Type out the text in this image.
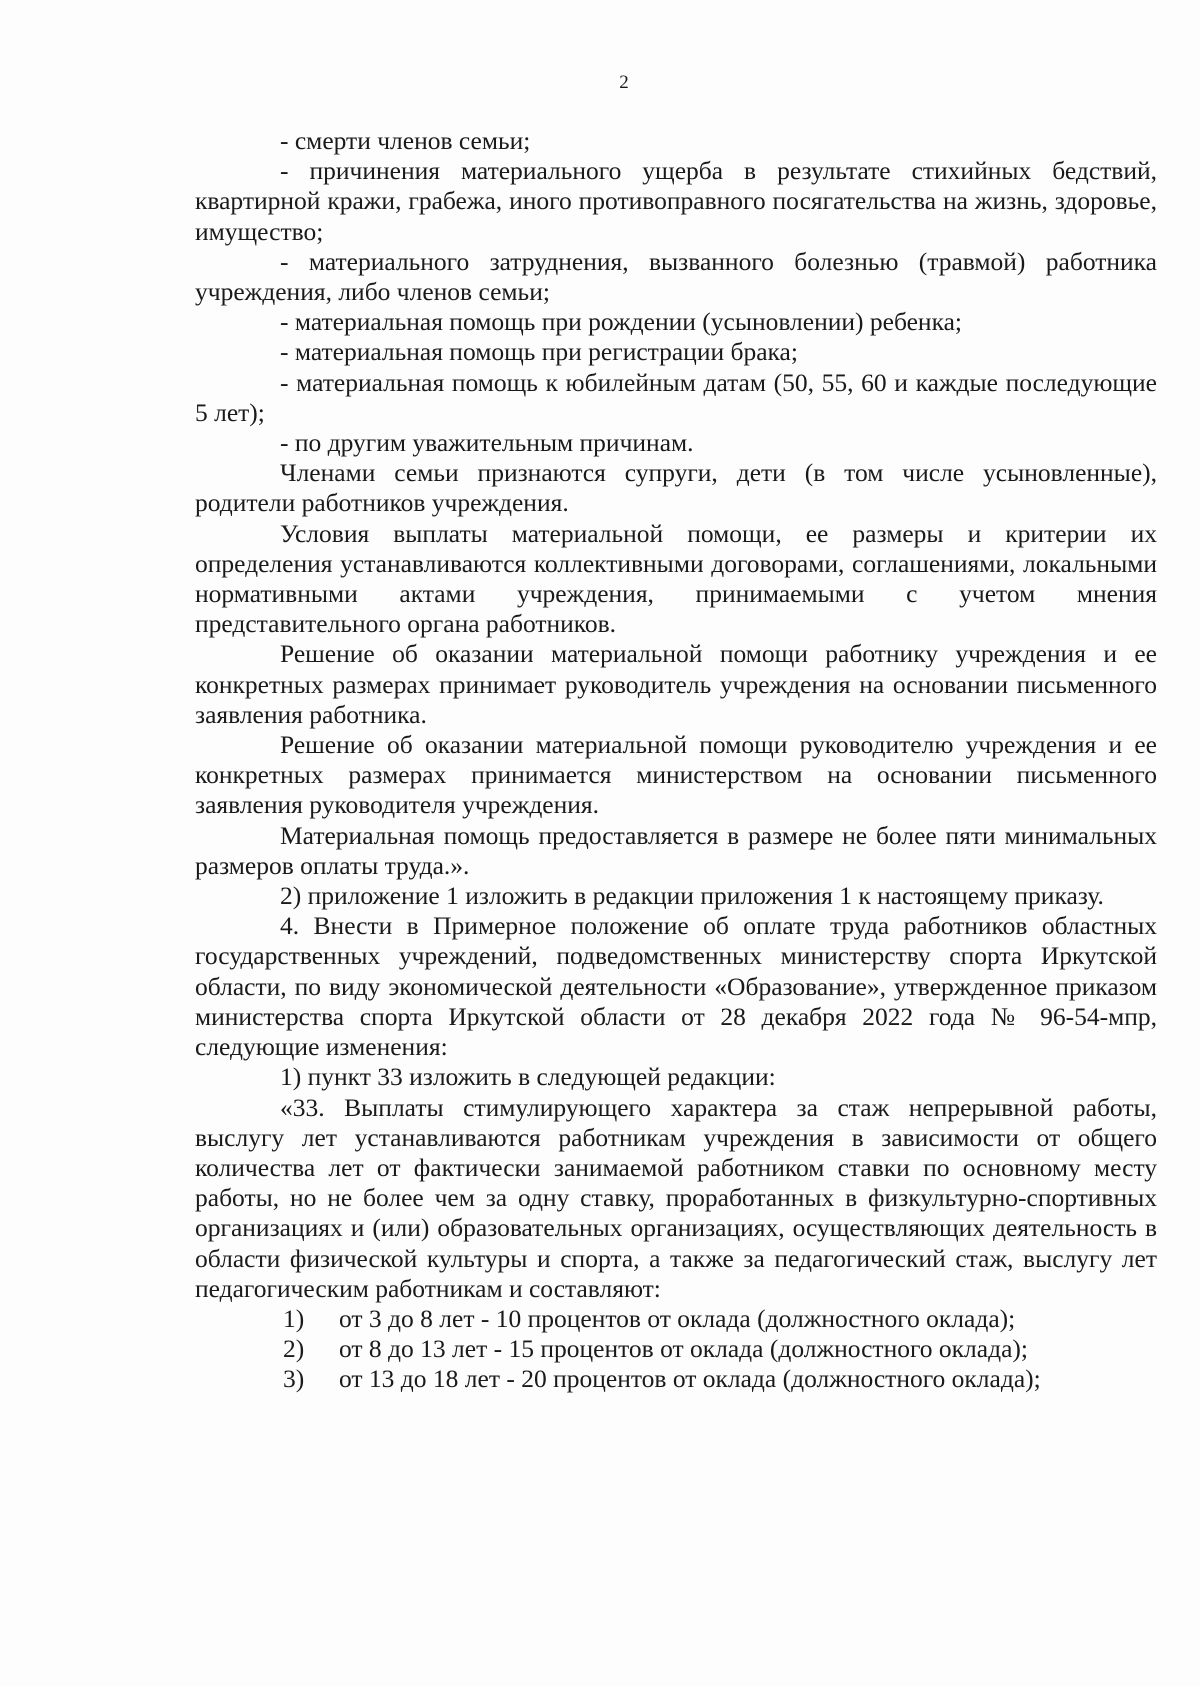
2

- смерти членов семьи;

- причинения материального ущерба в результате стихийных бедствий, квартирной кражи, грабежа, иного противоправного посягательства на жизнь, здоровье, имущество;

- материального затруднения, вызванного болезнью (травмой) работника учреждения, либо членов семьи;

- материальная помощь при рождении (усыновлении) ребенка;

- материальная помощь при регистрации брака;

- материальная помощь к юбилейным датам (50, 55, 60 и каждые последующие 5 лет);

- по другим уважительным причинам.

Членами семьи признаются супруги, дети (в том числе усыновленные), родители работников учреждения.

Условия выплаты материальной помощи, ее размеры и критерии их определения устанавливаются коллективными договорами, соглашениями, локальными нормативными актами учреждения, принимаемыми с учетом мнения представительного органа работников.

Решение об оказании материальной помощи работнику учреждения и ее конкретных размерах принимает руководитель учреждения на основании письменного заявления работника.

Решение об оказании материальной помощи руководителю учреждения и ее конкретных размерах принимается министерством на основании письменного заявления руководителя учреждения.

Материальная помощь предоставляется в размере не более пяти минимальных размеров оплаты труда.».

2) приложение 1 изложить в редакции приложения 1 к настоящему приказу.

4. Внести в Примерное положение об оплате труда работников областных государственных учреждений, подведомственных министерству спорта Иркутской области, по виду экономической деятельности «Образование», утвержденное приказом министерства спорта Иркутской области от 28 декабря 2022 года № 96-54-мпр, следующие изменения:

1) пункт 33 изложить в следующей редакции:

«33. Выплаты стимулирующего характера за стаж непрерывной работы, выслугу лет устанавливаются работникам учреждения в зависимости от общего количества лет от фактически занимаемой работником ставки по основному месту работы, но не более чем за одну ставку, проработанных в физкультурно-спортивных организациях и (или) образовательных организациях, осуществляющих деятельность в области физической культуры и спорта, а также за педагогический стаж, выслугу лет педагогическим работникам и составляют:

1)	от 3 до 8 лет - 10 процентов от оклада (должностного оклада);
2)	от 8 до 13 лет - 15 процентов от оклада (должностного оклада);
3)	от 13 до 18 лет - 20 процентов от оклада (должностного оклада);
